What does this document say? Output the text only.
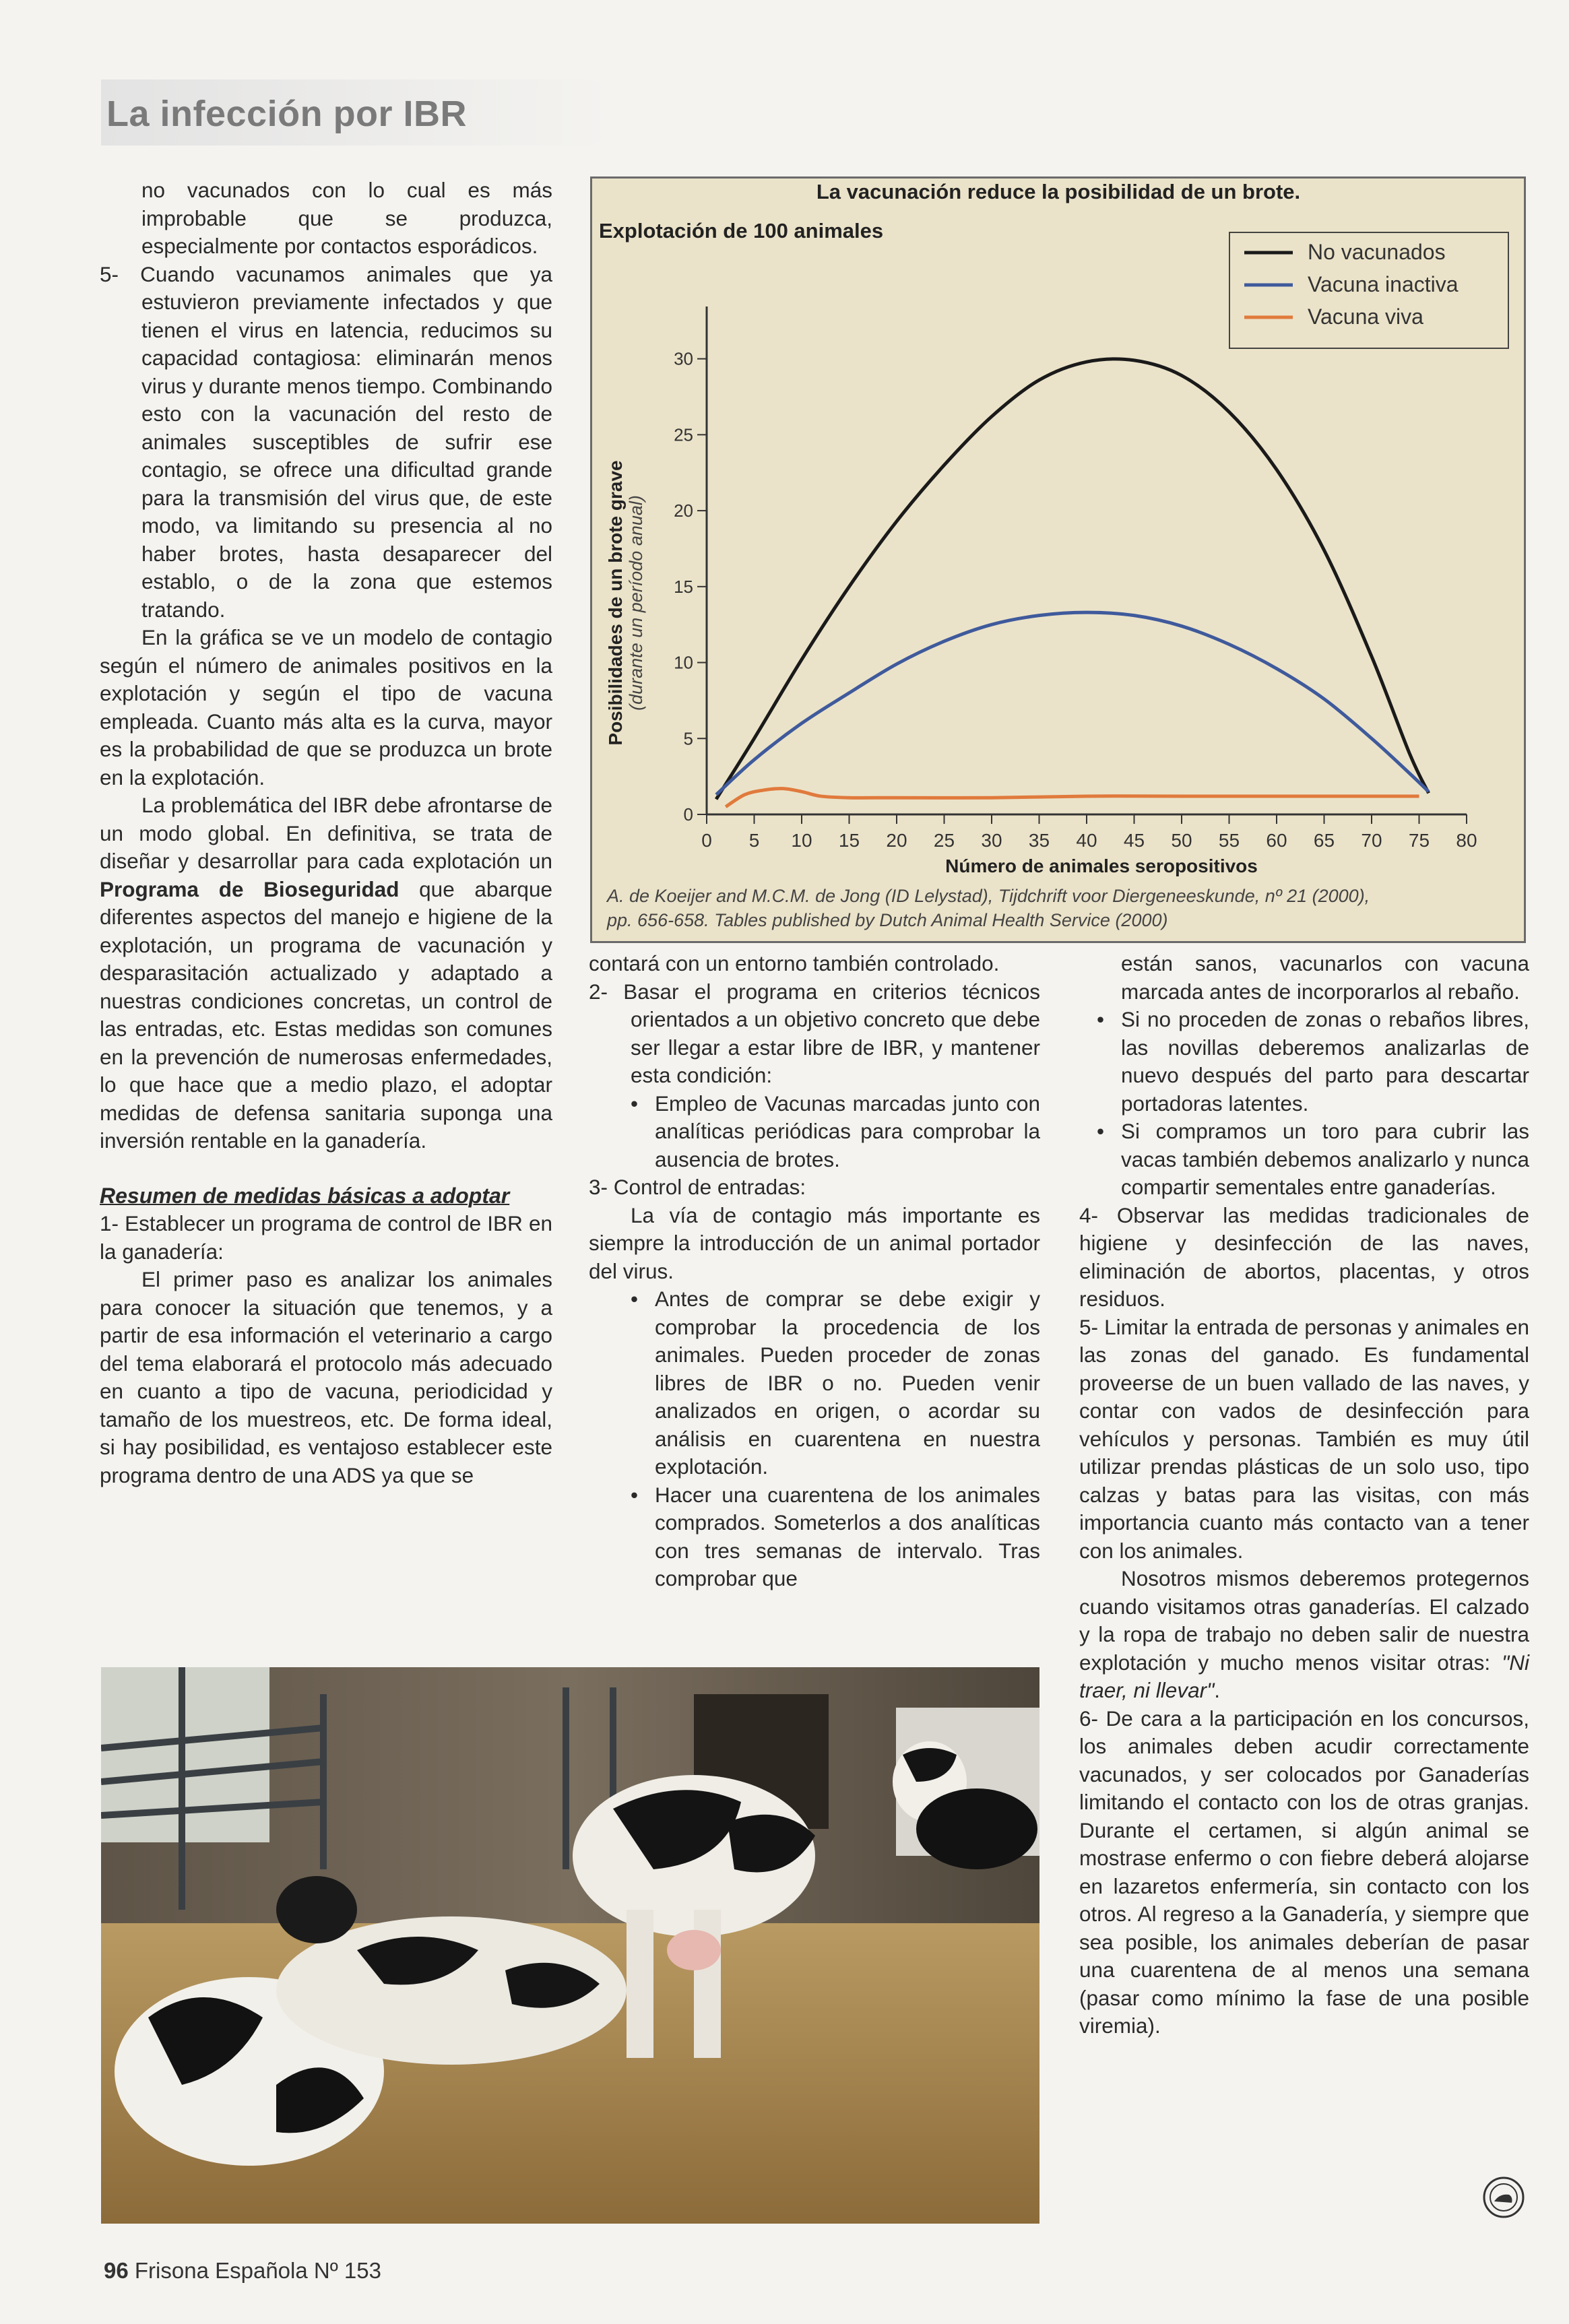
La infección por IBR

no vacunados con lo cual es más improbable que se produzca, especialmente por contactos esporádicos.

5- Cuando vacunamos animales que ya estuvieron previamente infectados y que tienen el virus en latencia, reducimos su capacidad contagiosa: eliminarán menos virus y durante menos tiempo. Combinando esto con la vacunación del resto de animales susceptibles de sufrir ese contagio, se ofrece una dificultad grande para la transmisión del virus que, de este modo, va limitando su presencia al no haber brotes, hasta desaparecer del establo, o de la zona que estemos tratando.

En la gráfica se ve un modelo de contagio según el número de animales positivos en la explotación y según el tipo de vacuna empleada. Cuanto más alta es la curva, mayor es la probabilidad de que se produzca un brote en la explotación.

La problemática del IBR debe afrontarse de un modo global. En definitiva, se trata de diseñar y desarrollar para cada explotación un Programa de Bioseguridad que abarque diferentes aspectos del manejo e higiene de la explotación, un programa de vacunación y desparasitación actualizado y adaptado a nuestras condiciones concretas, un control de las entradas, etc. Estas medidas son comunes en la prevención de numerosas enfermedades, lo que hace que a medio plazo, el adoptar medidas de defensa sanitaria suponga una inversión rentable en la ganadería.

Resumen de medidas básicas a adoptar

1- Establecer un programa de control de IBR en la ganadería:

El primer paso es analizar los animales para conocer la situación que tenemos, y a partir de esa información el veterinario a cargo del tema elaborará el protocolo más adecuado en cuanto a tipo de vacuna, periodicidad y tamaño de los muestreos, etc. De forma ideal, si hay posibilidad, es ventajoso establecer este programa dentro de una ADS ya que se

La vacunación reduce la posibilidad de un brote.
Explotación de 100 animales
Posibilidades de un brote grave (durante un período anual)
Número de animales seropositivos
A. de Koeijer and M.C.M. de Jong (ID Lelystad), Tijdchrift voor Diergeneeskunde, nº 21 (2000), pp. 656-658. Tables published by Dutch Animal Health Service (2000)
0 5 10 15 20 25 30 35 40 45 50 55 60 65 70 75 80
0
5
10
15
20
25
30
No vacunados
Vacuna inactiva
Vacuna viva

contará con un entorno también controlado.

2- Basar el programa en criterios técnicos orientados a un objetivo concreto que debe ser llegar a estar libre de IBR, y mantener esta condición:

• Empleo de Vacunas marcadas junto con analíticas periódicas para comprobar la ausencia de brotes.

3- Control de entradas:

La vía de contagio más importante es siempre la introducción de un animal portador del virus.

• Antes de comprar se debe exigir y comprobar la procedencia de los animales. Pueden proceder de zonas libres de IBR o no. Pueden venir analizados en origen, o acordar su análisis en cuarentena en nuestra explotación.
• Hacer una cuarentena de los animales comprados. Someterlos a dos analíticas con tres semanas de intervalo. Tras comprobar que

están sanos, vacunarlos con vacuna marcada antes de incorporarlos al rebaño.

• Si no proceden de zonas o rebaños libres, las novillas deberemos analizarlas de nuevo después del parto para descartar portadoras latentes.
• Si compramos un toro para cubrir las vacas también debemos analizarlo y nunca compartir sementales entre ganaderías.

4- Observar las medidas tradicionales de higiene y desinfección de las naves, eliminación de abortos, placentas, y otros residuos.

5- Limitar la entrada de personas y animales en las zonas del ganado. Es fundamental proveerse de un buen vallado de las naves, y contar con vados de desinfección para vehículos y personas. También es muy útil utilizar prendas plásticas de un solo uso, tipo calzas y batas para las visitas, con más importancia cuanto más contacto van a tener con los animales.

Nosotros mismos deberemos protegernos cuando visitamos otras ganaderías. El calzado y la ropa de trabajo no deben salir de nuestra explotación y mucho menos visitar otras: "Ni traer, ni llevar".

6- De cara a la participación en los concursos, los animales deben acudir correctamente vacunados, y ser colocados por Ganaderías limitando el contacto con los de otras granjas. Durante el certamen, si algún animal se mostrase enfermo o con fiebre deberá alojarse en lazaretos enfermería, sin contacto con los otros. Al regreso a la Ganadería, y siempre que sea posible, los animales deberían de pasar una cuarentena de al menos una semana (pasar como mínimo la fase de una posible viremia).

96 Frisona Española Nº 153
